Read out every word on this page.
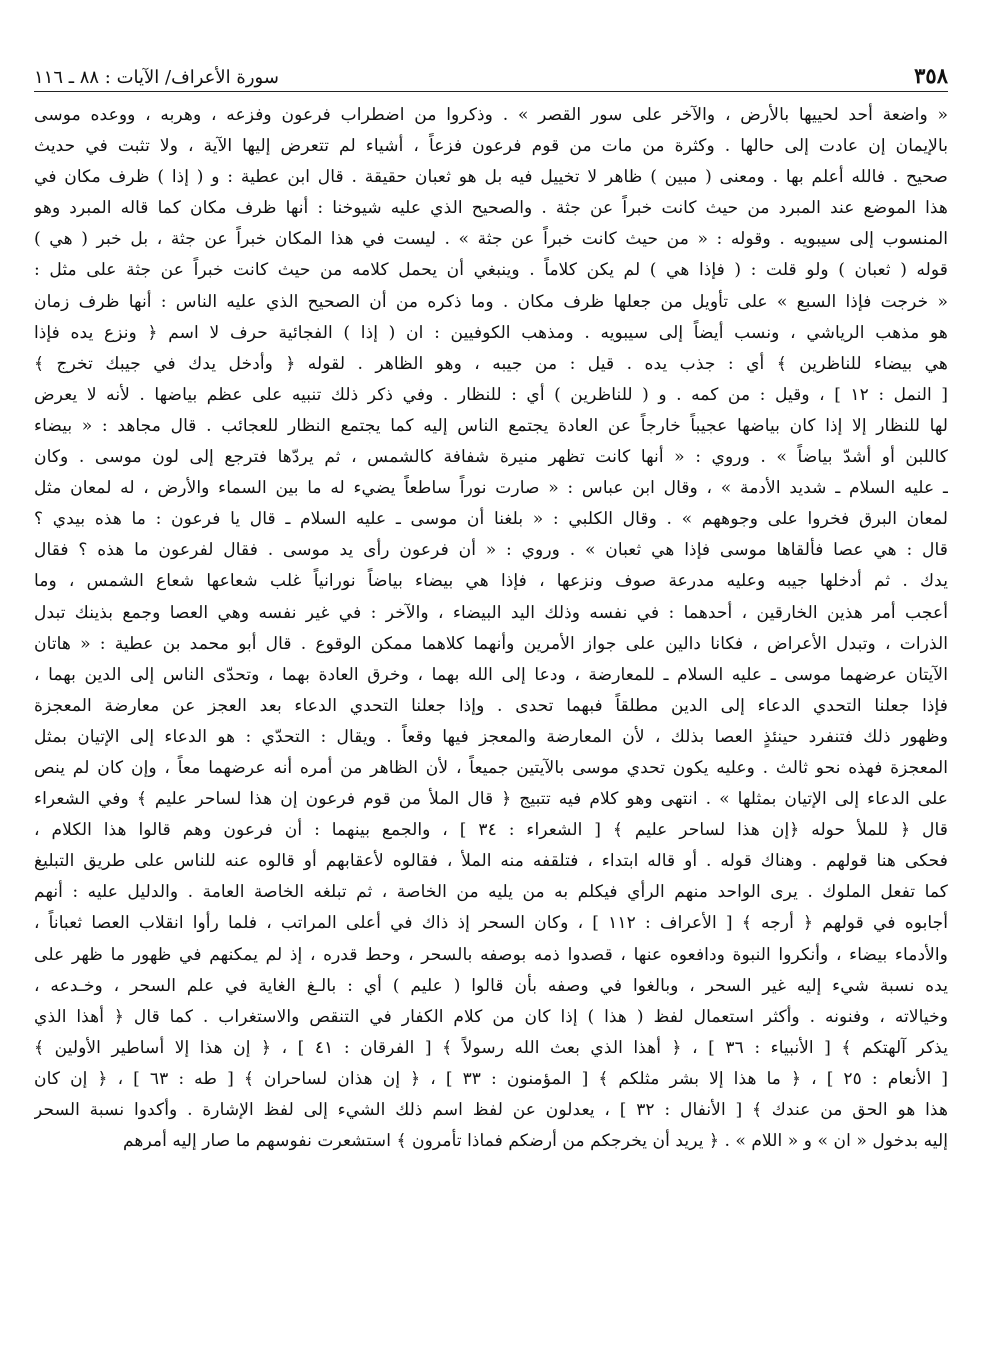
٣٥٨
سورة الأعراف/ الآيات : ٨٨ ـ ١١٦
« واضعة أحد لحييها بالأرض ، والآخر على سور القصر » . وذكروا من اضطراب فرعون وفزعه ، وهربه ، ووعده موسى
بالإيمان إن عادت إلى حالها . وكثرة من مات من قوم فرعون فزعاً ، أشياء لم تتعرض إليها الآية ، ولا تثبت في حديث
صحيح . فالله أعلم بها . ومعنى ( مبين ) ظاهر لا تخييل فيه بل هو ثعبان حقيقة . قال ابن عطية : و ( إذا ) ظرف مكان في
هذا الموضع عند المبرد من حيث كانت خبراً عن جثة . والصحيح الذي عليه شيوخنا : أنها ظرف مكان كما قاله المبرد وهو
المنسوب إلى سيبويه . وقوله : « من حيث كانت خبراً عن جثة » . ليست في هذا المكان خبراً عن جثة ، بل خبر ( هي )
قوله ( ثعبان ) ولو قلت : ( فإذا هي ) لم يكن كلاماً . وينبغي أن يحمل كلامه من حيث كانت خبراً عن جثة على مثل :
« خرجت فإذا السبع » على تأويل من جعلها ظرف مكان . وما ذكره من أن الصحيح الذي عليه الناس : أنها ظرف زمان
هو مذهب الرياشي ، ونسب أيضاً إلى سيبويه . ومذهب الكوفيين : ان ( إذا ) الفجائية حرف لا اسم ﴿ ونزع يده فإذا
هي بيضاء للناظرين ﴾ أي : جذب يده . قيل : من جيبه ، وهو الظاهر . لقوله ﴿ وأدخل يدك في جيبك تخرج ﴾
[ النمل : ١٢ ] ، وقيل : من كمه . و ( للناظرين ) أي : للنظار . وفي ذكر ذلك تنبيه على عظم بياضها . لأنه لا يعرض
لها للنظار إلا إذا كان بياضها عجيباً خارجاً عن العادة يجتمع الناس إليه كما يجتمع النظار للعجائب . قال مجاهد : « بيضاء
كاللبن أو أشدّ بياضاً » . وروي : « أنها كانت تظهر منيرة شفافة كالشمس ، ثم يردّها فترجع إلى لون موسى . وكان
ـ عليه السلام ـ شديد الأدمة » ، وقال ابن عباس : « صارت نوراً ساطعاً يضيء له ما بين السماء والأرض ، له لمعان مثل
لمعان البرق فخروا على وجوههم » . وقال الكلبي : « بلغنا أن موسى ـ عليه السلام ـ قال يا فرعون : ما هذه بيدي ؟
قال : هي عصا فألقاها موسى فإذا هي ثعبان » . وروي : « أن فرعون رأى يد موسى . فقال لفرعون ما هذه ؟ فقال
يدك . ثم أدخلها جيبه وعليه مدرعة صوف ونزعها ، فإذا هي بيضاء بياضاً نورانياً غلب شعاعها شعاع الشمس ، وما
أعجب أمر هذين الخارقين ، أحدهما : في نفسه وذلك اليد البيضاء ، والآخر : في غير نفسه وهي العصا وجمع بذينك تبدل
الذرات ، وتبدل الأعراض ، فكانا دالين على جواز الأمرين وأنهما كلاهما ممكن الوقوع . قال أبو محمد بن عطية : « هاتان
الآيتان عرضهما موسى ـ عليه السلام ـ للمعارضة ، ودعا إلى الله بهما ، وخرق العادة بهما ، وتحدّى الناس إلى الدين بهما ،
فإذا جعلنا التحدي الدعاء إلى الدين مطلقاً فبهما تحدى . وإذا جعلنا التحدي الدعاء بعد العجز عن معارضة المعجزة
وظهور ذلك فتنفرد حينئذٍ العصا بذلك ، لأن المعارضة والمعجز فيها وقعاً . ويقال : التحدّي : هو الدعاء إلى الإتيان بمثل
المعجزة فهذه نحو ثالث . وعليه يكون تحدي موسى بالآيتين جميعاً ، لأن الظاهر من أمره أنه عرضهما معاً ، وإن كان لم ينص
على الدعاء إلى الإتيان بمثلها » . انتهى وهو كلام فيه تتبيج ﴿ قال الملأ من قوم فرعون إن هذا لساحر عليم ﴾ وفي الشعراء
قال ﴿ للملأ حوله ﴿إن هذا لساحر عليم ﴾ [ الشعراء : ٣٤ ] ، والجمع بينهما : أن فرعون وهم قالوا هذا الكلام ،
فحكى هنا قولهم . وهناك قوله . أو قاله ابتداء ، فتلقفه منه الملأ ، فقالوه لأعقابهم أو قالوه عنه للناس على طريق التبليغ
كما تفعل الملوك . يرى الواحد منهم الرأي فيكلم به من يليه من الخاصة ، ثم تبلغه الخاصة العامة . والدليل عليه : أنهم
أجابوه في قولهم ﴿ أرجه ﴾ [ الأعراف : ١١٢ ] ، وكان السحر إذ ذاك في أعلى المراتب ، فلما رأوا انقلاب العصا ثعباناً ،
والأدماء بيضاء ، وأنكروا النبوة ودافعوه عنها ، قصدوا ذمه بوصفه بالسحر ، وحط قدره ، إذ لم يمكنهم في ظهور ما ظهر على
يده نسبة شيء إليه غير السحر ، وبالغوا في وصفه بأن قالوا ( عليم ) أي : بالـغ الغاية في علم السحر ، وخـدعه ،
وخيالاته ، وفنونه . وأكثر استعمال لفظ ( هذا ) إذا كان من كلام الكفار في التنقص والاستغراب . كما قال ﴿ أهذا الذي
يذكر آلهتكم ﴾ [ الأنبياء : ٣٦ ] ، ﴿ أهذا الذي بعث الله رسولاً ﴾ [ الفرقان : ٤١ ] ، ﴿ إن هذا إلا أساطير الأولين ﴾
[ الأنعام : ٢٥ ] ، ﴿ ما هذا إلا بشر مثلكم ﴾ [ المؤمنون : ٣٣ ] ، ﴿ إن هذان لساحران ﴾ [ طه : ٦٣ ] ، ﴿ إن كان
هذا هو الحق من عندك ﴾ [ الأنفال : ٣٢ ] ، يعدلون عن لفظ اسم ذلك الشيء إلى لفظ الإشارة . وأكدوا نسبة السحر
إليه بدخول « ان » و « اللام » . ﴿ يريد أن يخرجكم من أرضكم فماذا تأمرون ﴾ استشعرت نفوسهم ما صار إليه أمرهم
